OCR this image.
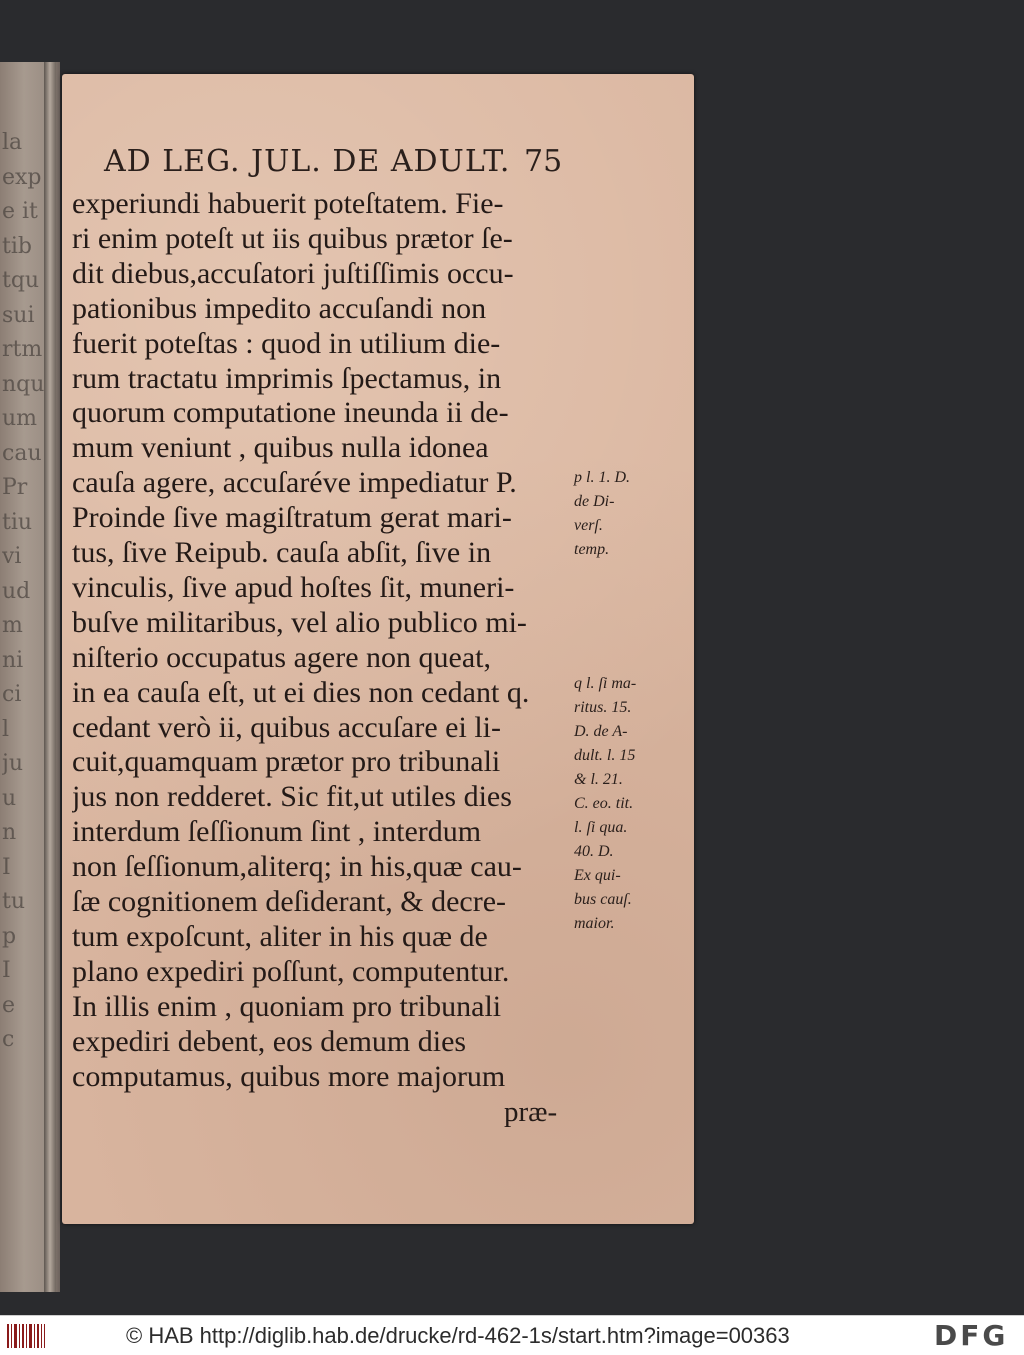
la
exp
e it
tib
tqu
sui
rtm
nqu
um
cau
Pr
tiu
vi
ud
m
ni
ci
l
ju
u
n
I
tu
p
I
e
c
AD LEG. JUL. DE ADULT. 75
experiundi habuerit poteſtatem. Fie-
ri enim poteſt ut iis quibus prætor ſe-
dit diebus,accuſatori juſtiſſimis occu-
pationibus impedito accuſandi non
fuerit poteſtas : quod in utilium die-
rum tractatu imprimis ſpectamus, in
quorum computatione ineunda ii de-
mum veniunt , quibus nulla idonea
cauſa agere, accuſaréve impediatur P.
Proinde ſive magiſtratum gerat mari-
tus, ſive Reipub. cauſa abſit, ſive in
vinculis, ſive apud hoſtes ſit, muneri-
buſve militaribus, vel alio publico mi-
niſterio occupatus agere non queat,
in ea cauſa eſt, ut ei dies non cedant q.
cedant verò ii, quibus accuſare ei li-
cuit,quamquam prætor pro tribunali
jus non redderet. Sic fit,ut utiles dies
interdum ſeſſionum ſint , interdum
non ſeſſionum,aliterq; in his,quæ cau-
ſæ cognitionem deſiderant, & decre-
tum expoſcunt, aliter in his quæ de
plano expediri poſſunt, computentur.
In illis enim , quoniam pro tribunali
expediri debent, eos demum dies
computamus, quibus more majorum
præ-
p l. 1. D.
de Di-
verſ.
temp.
q l. ſi ma-
ritus. 15.
D. de A-
dult. l. 15
& l. 21.
C. eo. tit.
l. ſi qua.
40. D.
Ex qui-
bus cauſ.
maior.
© HAB http://diglib.hab.de/drucke/rd-462-1s/start.htm?image=00363	DFG
